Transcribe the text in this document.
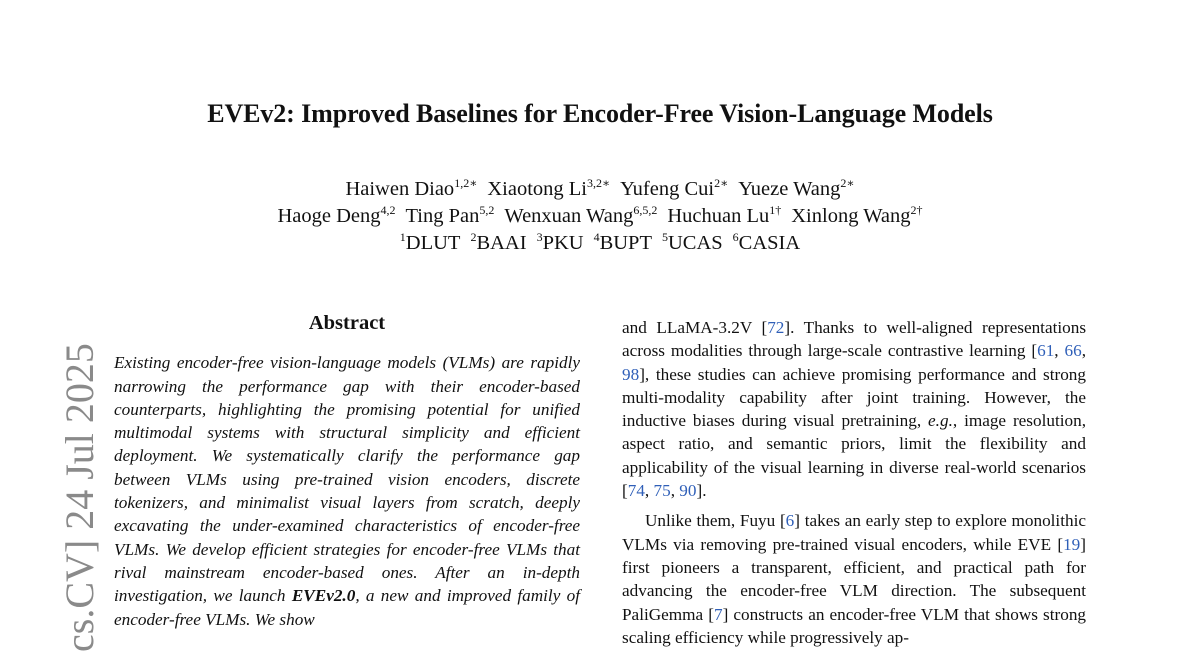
cs.CV] 24 Jul 2025
EVEv2: Improved Baselines for Encoder-Free Vision-Language Models
Haiwen Diao$^{1,2∗}$ Xiaotong $Li^{3,2∗}$ Yufeng Cui$^{2∗}$ Yueze Wang$^{2∗}$
Haoge Deng$^{4,2}$ Ting Pan$^{5,2}$ Wenxuan Wang$^{6,5,2}$ Huchuan $Lu^{1\dagger}$ Xinlong Wang$^{2\dagger}$
$^1$DLUT $^2$BAAI $^3$PKU $^4$BUPT $^5$UCAS $^6$CASIA
Abstract

Existing encoder-free vision-language models (VLMs) are rapidly narrowing the performance gap with their encoder-based counterparts, highlighting the promising potential for unified multimodal systems with structural simplicity and efficient deployment. We systematically clarify the performance gap between VLMs using pre-trained vision encoders, discrete tokenizers, and minimalist visual layers from scratch, deeply excavating the under-examined characteristics of encoder-free VLMs. We develop efficient strategies for encoder-free VLMs that rival mainstream encoder-based ones. After an in-depth investigation, we launch EVEv2.0, a new and improved family of encoder-free VLMs. We show

and LLaMA-3.2V [72]. Thanks to well-aligned representations across modalities through large-scale contrastive learning [61, 66, 98], these studies can achieve promising performance and strong multi-modality capability after joint training. However, the inductive biases during visual pretraining, e.g., image resolution, aspect ratio, and semantic priors, limit the flexibility and applicability of the visual learning in diverse real-world scenarios [74, 75, 90].

Unlike them, Fuyu [6] takes an early step to explore monolithic VLMs via removing pre-trained visual encoders, while EVE [19] first pioneers a transparent, efficient, and practical path for advancing the encoder-free VLM direction. The subsequent PaliGemma [7] constructs an encoder-free VLM that shows strong scaling efficiency while progressively ap-
